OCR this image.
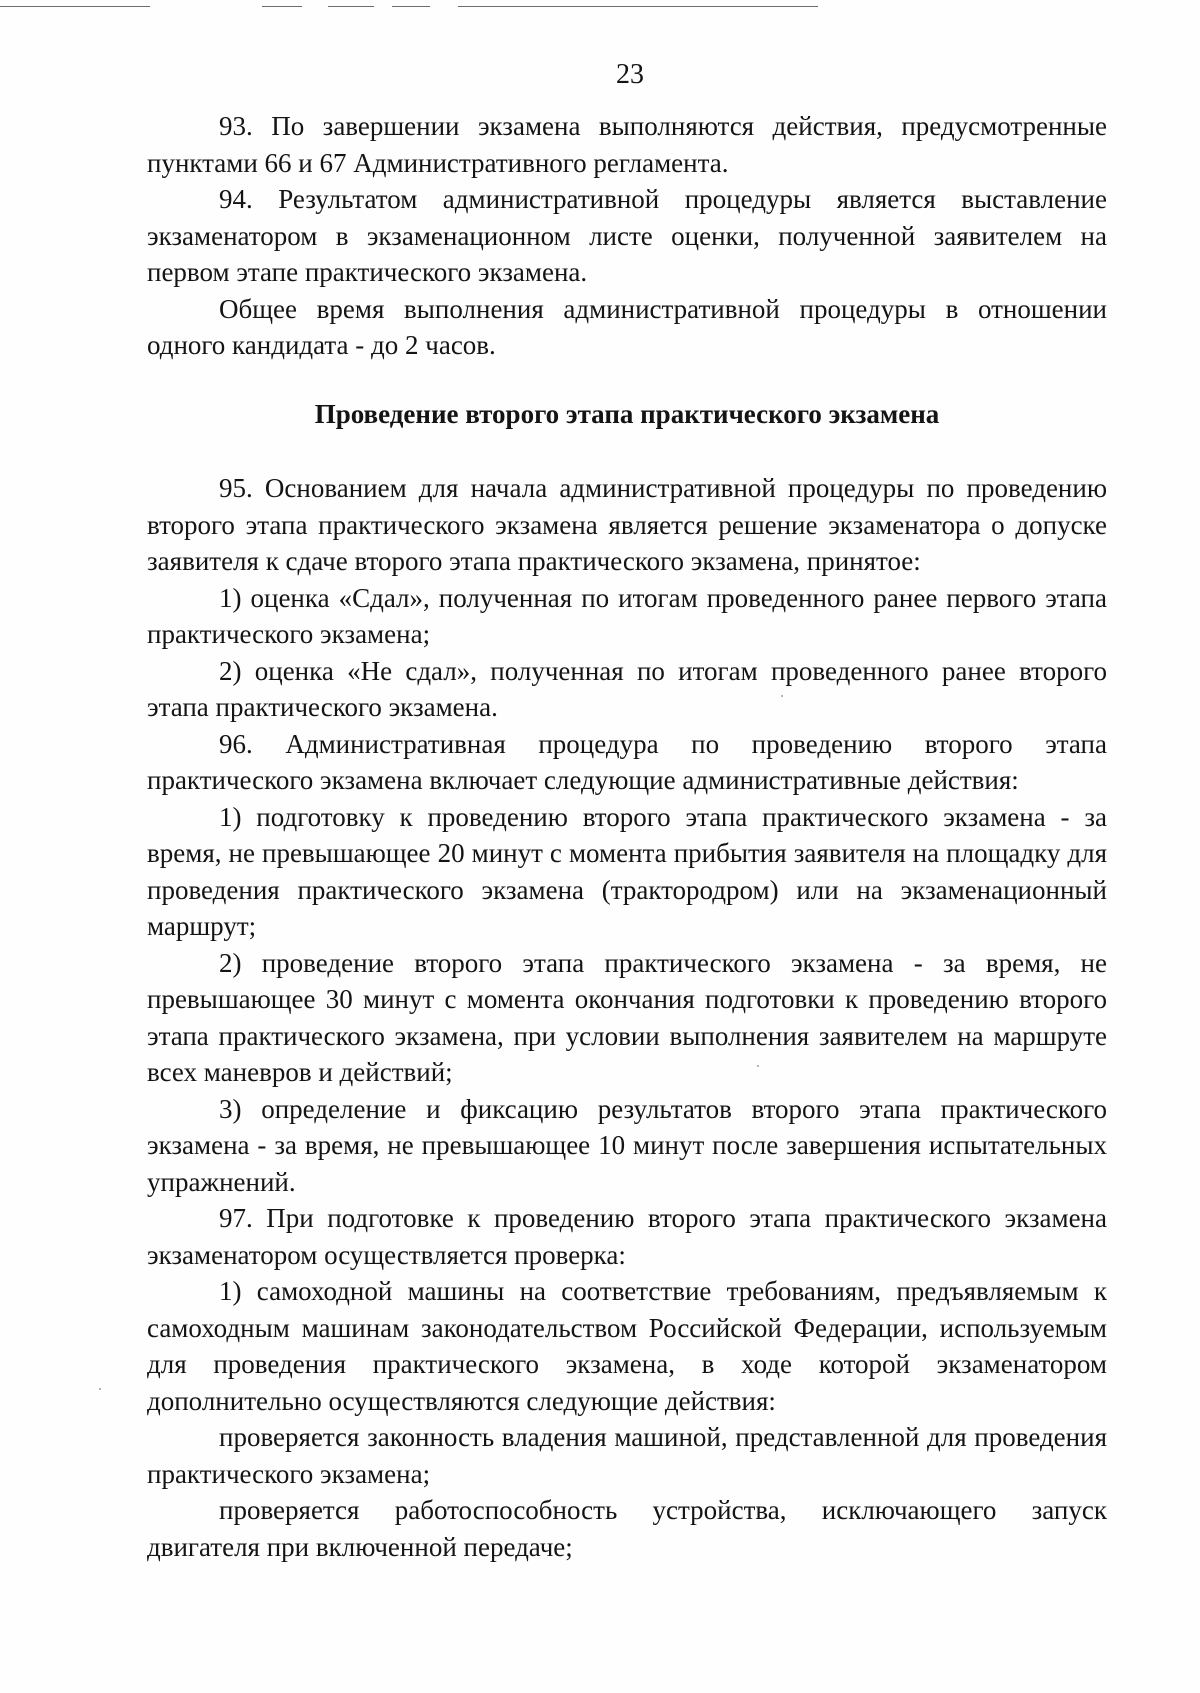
23

93. По завершении экзамена выполняются действия, предусмотренные пунктами 66 и 67 Административного регламента.

94. Результатом административной процедуры является выставление экзаменатором в экзаменационном листе оценки, полученной заявителем на первом этапе практического экзамена.

Общее время выполнения административной процедуры в отношении одного кандидата - до 2 часов.

Проведение второго этапа практического экзамена

95. Основанием для начала административной процедуры по проведению второго этапа практического экзамена является решение экзаменатора о допуске заявителя к сдаче второго этапа практического экзамена, принятое:

1) оценка «Сдал», полученная по итогам проведенного ранее первого этапа практического экзамена;

2) оценка «Не сдал», полученная по итогам проведенного ранее второго этапа практического экзамена.

96. Административная процедура по проведению второго этапа практического экзамена включает следующие административные действия:

1) подготовку к проведению второго этапа практического экзамена - за время, не превышающее 20 минут с момента прибытия заявителя на площадку для проведения практического экзамена (трактородром) или на экзаменационный маршрут;

2) проведение второго этапа практического экзамена - за время, не превышающее 30 минут с момента окончания подготовки к проведению второго этапа практического экзамена, при условии выполнения заявителем на маршруте всех маневров и действий;

3) определение и фиксацию результатов второго этапа практического экзамена - за время, не превышающее 10 минут после завершения испытательных упражнений.

97. При подготовке к проведению второго этапа практического экзамена экзаменатором осуществляется проверка:

1) самоходной машины на соответствие требованиям, предъявляемым к самоходным машинам законодательством Российской Федерации, используемым для проведения практического экзамена, в ходе которой экзаменатором дополнительно осуществляются следующие действия:

проверяется законность владения машиной, представленной для проведения практического экзамена;

проверяется работоспособность устройства, исключающего запуск двигателя при включенной передаче;
